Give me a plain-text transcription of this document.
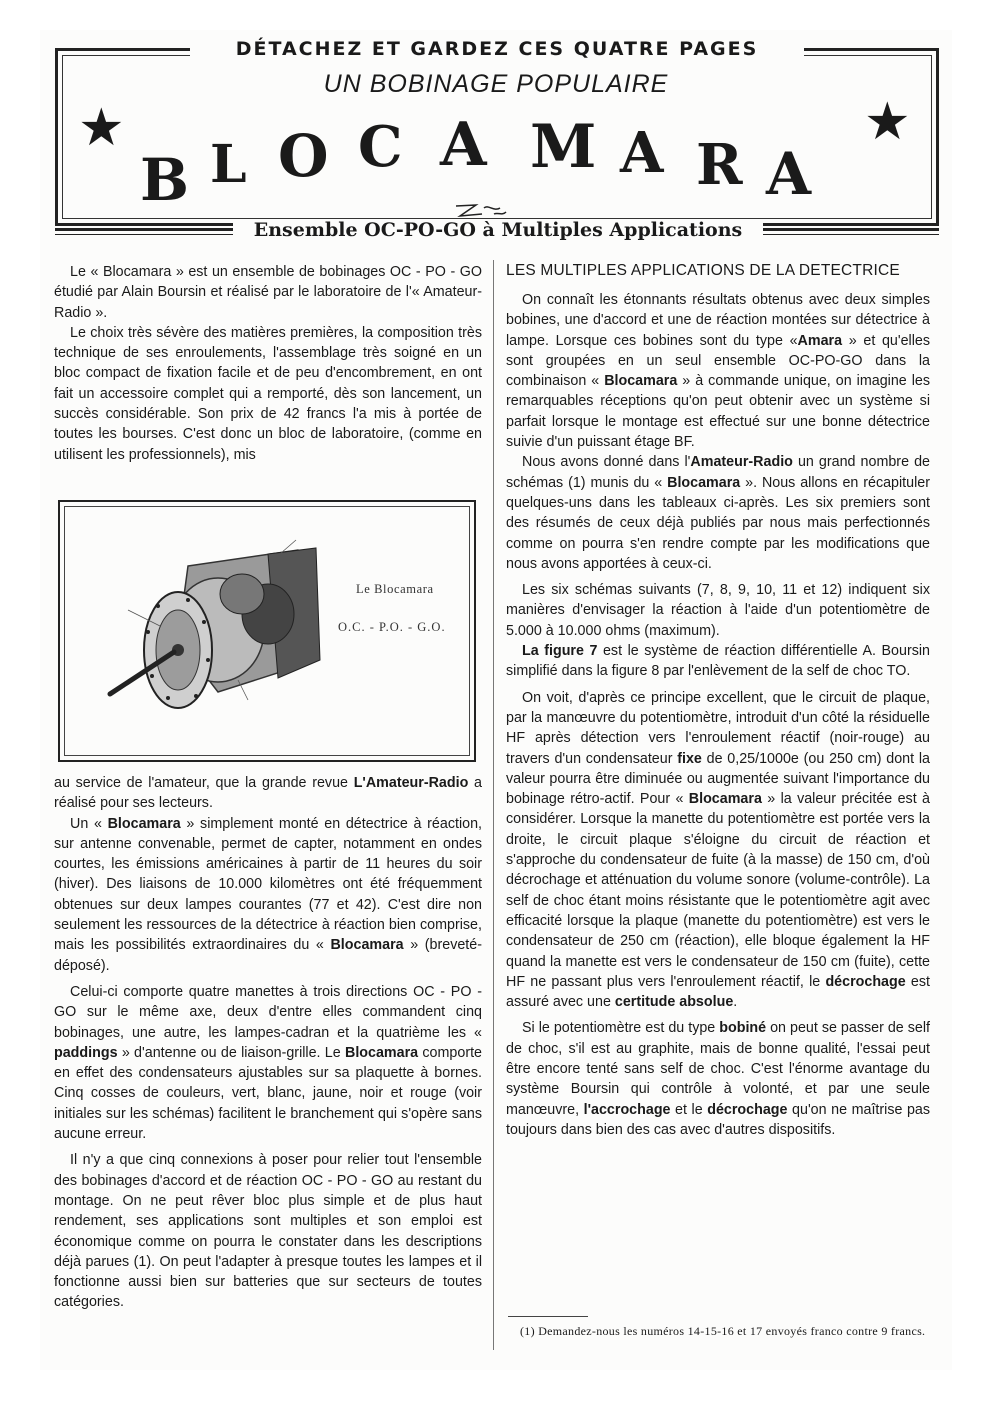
DÉTACHEZ ET GARDEZ CES QUATRE PAGES
UN BOBINAGE POPULAIRE
★	★
B L O C A M A R A
Ensemble OC-PO-GO à Multiples Applications

Le « Blocamara » est un ensemble de bobinages OC - PO - GO étudié par Alain Boursin et réalisé par le laboratoire de l'« Amateur-Radio ».

Le choix très sévère des matières premières, la composition très technique de ses enroulements, l'assemblage très soigné en un bloc compact de fixation facile et de peu d'encombrement, en ont fait un accessoire complet qui a remporté, dès son lancement, un succès considérable. Son prix de 42 francs l'a mis à portée de toutes les bourses. C'est donc un bloc de laboratoire, (comme en utilisent les professionnels), mis

Le Blocamara
O.C. - P.O. - G.O.

au service de l'amateur, que la grande revue L'Amateur-Radio a réalisé pour ses lecteurs.

Un « Blocamara » simplement monté en détectrice à réaction, sur antenne convenable, permet de capter, notamment en ondes courtes, les émissions américaines à partir de 11 heures du soir (hiver). Des liaisons de 10.000 kilomètres ont été fréquemment obtenues sur deux lampes courantes (77 et 42). C'est dire non seulement les ressources de la détectrice à réaction bien comprise, mais les possibilités extraordinaires du « Blocamara » (breveté-déposé).

Celui-ci comporte quatre manettes à trois directions OC - PO - GO sur le même axe, deux d'entre elles commandent cinq bobinages, une autre, les lampes-cadran et la quatrième les « paddings » d'antenne ou de liaison-grille. Le Blocamara comporte en effet des condensateurs ajustables sur sa plaquette à bornes. Cinq cosses de couleurs, vert, blanc, jaune, noir et rouge (voir initiales sur les schémas) facilitent le branchement qui s'opère sans aucune erreur.

Il n'y a que cinq connexions à poser pour relier tout l'ensemble des bobinages d'accord et de réaction OC - PO - GO au restant du montage. On ne peut rêver bloc plus simple et de plus haut rendement, ses applications sont multiples et son emploi est économique comme on pourra le constater dans les descriptions déjà parues (1). On peut l'adapter à presque toutes les lampes et il fonctionne aussi bien sur batteries que sur secteurs de toutes catégories.

LES MULTIPLES APPLICATIONS DE LA DETECTRICE

On connaît les étonnants résultats obtenus avec deux simples bobines, une d'accord et une de réaction montées sur détectrice à lampe. Lorsque ces bobines sont du type «Amara » et qu'elles sont groupées en un seul ensemble OC-PO-GO dans la combinaison « Blocamara » à commande unique, on imagine les remarquables réceptions qu'on peut obtenir avec un système si parfait lorsque le montage est effectué sur une bonne détectrice suivie d'un puissant étage BF.

Nous avons donné dans l'Amateur-Radio un grand nombre de schémas (1) munis du « Blocamara ». Nous allons en récapituler quelques-uns dans les tableaux ci-après. Les six premiers sont des résumés de ceux déjà publiés par nous mais perfectionnés comme on pourra s'en rendre compte par les modifications que nous avons apportées à ceux-ci.

Les six schémas suivants (7, 8, 9, 10, 11 et 12) indiquent six manières d'envisager la réaction à l'aide d'un potentiomètre de 5.000 à 10.000 ohms (maximum).

La figure 7 est le système de réaction différentielle A. Boursin simplifié dans la figure 8 par l'enlèvement de la self de choc TO.

On voit, d'après ce principe excellent, que le circuit de plaque, par la manœuvre du potentiomètre, introduit d'un côté la résiduelle HF après détection vers l'enroulement réactif (noir-rouge) au travers d'un condensateur fixe de 0,25/1000e (ou 250 cm) dont la valeur pourra être diminuée ou augmentée suivant l'importance du bobinage rétro-actif. Pour « Blocamara » la valeur précitée est à considérer. Lorsque la manette du potentiomètre est portée vers la droite, le circuit plaque s'éloigne du circuit de réaction et s'approche du condensateur de fuite (à la masse) de 150 cm, d'où décrochage et atténuation du volume sonore (volume-contrôle). La self de choc étant moins résistante que le potentiomètre agit avec efficacité lorsque la plaque (manette du potentiomètre) est vers le condensateur de 250 cm (réaction), elle bloque également la HF quand la manette est vers le condensateur de 150 cm (fuite), cette HF ne passant plus vers l'enroulement réactif, le décrochage est assuré avec une certitude absolue.

Si le potentiomètre est du type bobiné on peut se passer de self de choc, s'il est au graphite, mais de bonne qualité, l'essai peut être encore tenté sans self de choc. C'est l'énorme avantage du système Boursin qui contrôle à volonté, et par une seule manœuvre, l'accrochage et le décrochage qu'on ne maîtrise pas toujours dans bien des cas avec d'autres dispositifs.

(1) Demandez-nous les numéros 14-15-16 et 17 envoyés franco contre 9 francs.
